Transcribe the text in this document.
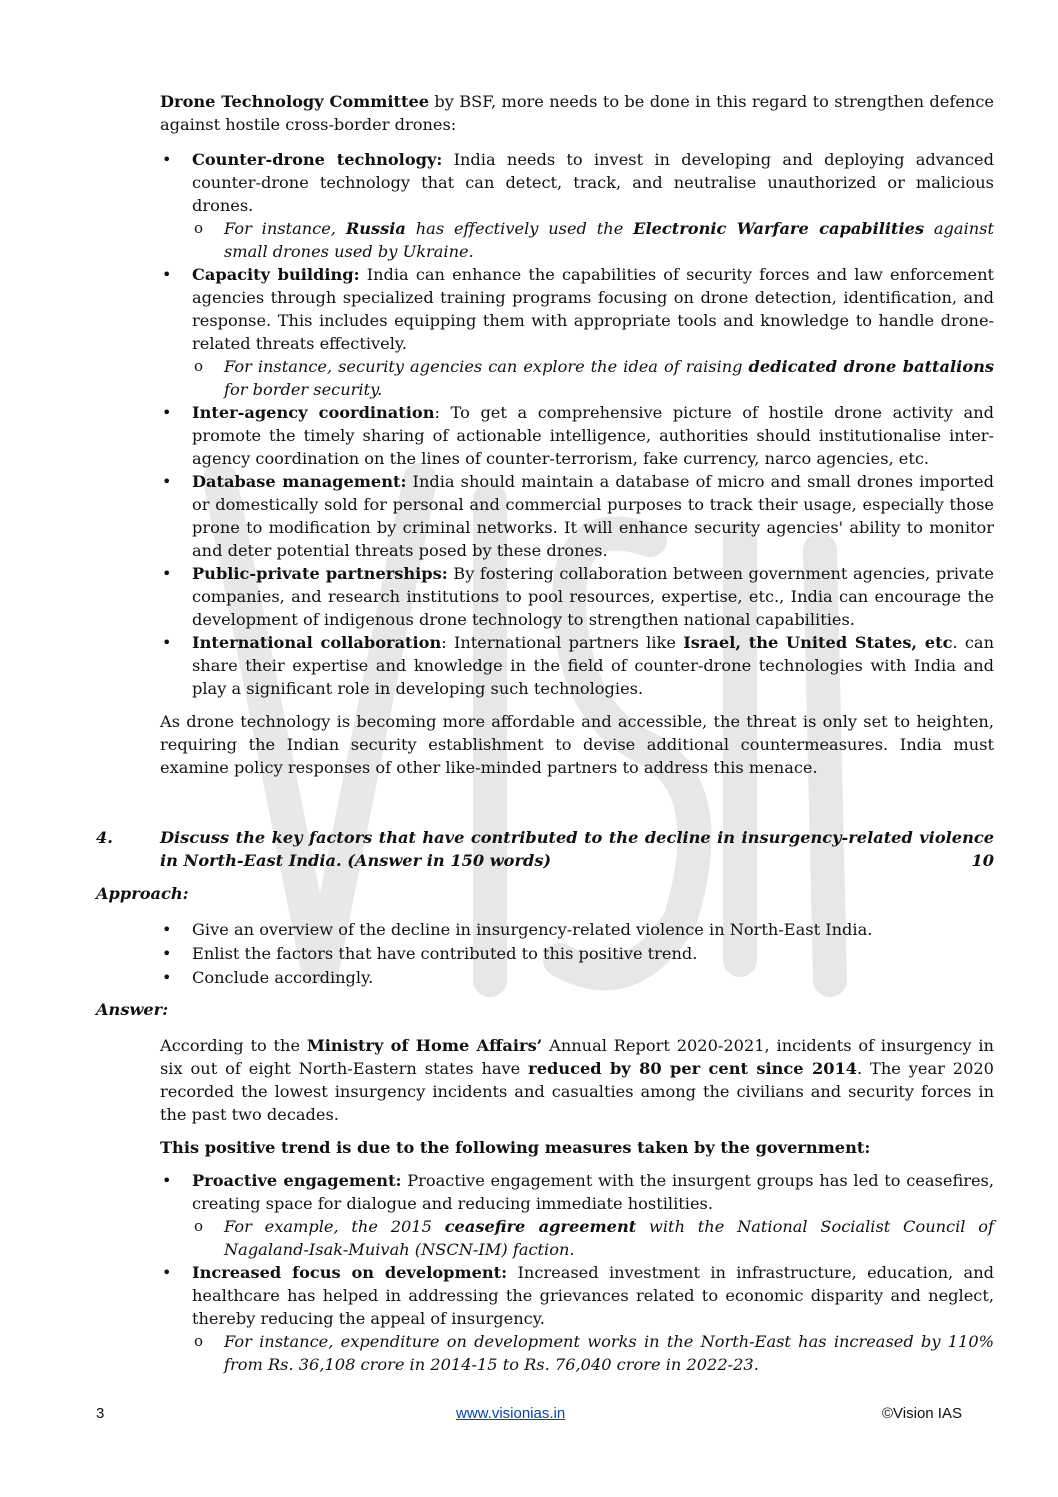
Drone Technology Committee by BSF, more needs to be done in this regard to strengthen defence against hostile cross-border drones:

• Counter-drone technology: India needs to invest in developing and deploying advanced counter-drone technology that can detect, track, and neutralise unauthorized or malicious drones.
o For instance, Russia has effectively used the Electronic Warfare capabilities against small drones used by Ukraine.
• Capacity building: India can enhance the capabilities of security forces and law enforcement agencies through specialized training programs focusing on drone detection, identification, and response. This includes equipping them with appropriate tools and knowledge to handle drone-related threats effectively.
o For instance, security agencies can explore the idea of raising dedicated drone battalions for border security.
• Inter-agency coordination: To get a comprehensive picture of hostile drone activity and promote the timely sharing of actionable intelligence, authorities should institutionalise inter-agency coordination on the lines of counter-terrorism, fake currency, narco agencies, etc.
• Database management: India should maintain a database of micro and small drones imported or domestically sold for personal and commercial purposes to track their usage, especially those prone to modification by criminal networks. It will enhance security agencies' ability to monitor and deter potential threats posed by these drones.
• Public-private partnerships: By fostering collaboration between government agencies, private companies, and research institutions to pool resources, expertise, etc., India can encourage the development of indigenous drone technology to strengthen national capabilities.
• International collaboration: International partners like Israel, the United States, etc. can share their expertise and knowledge in the field of counter-drone technologies with India and play a significant role in developing such technologies.

As drone technology is becoming more affordable and accessible, the threat is only set to heighten, requiring the Indian security establishment to devise additional countermeasures. India must examine policy responses of other like-minded partners to address this menace.

4.	Discuss the key factors that have contributed to the decline in insurgency-related violence in North-East India. (Answer in 150 words)	10
Approach:
• Give an overview of the decline in insurgency-related violence in North-East India.
• Enlist the factors that have contributed to this positive trend.
• Conclude accordingly.
Answer:

According to the Ministry of Home Affairs’ Annual Report 2020-2021, incidents of insurgency in six out of eight North-Eastern states have reduced by 80 per cent since 2014. The year 2020 recorded the lowest insurgency incidents and casualties among the civilians and security forces in the past two decades.

This positive trend is due to the following measures taken by the government:

• Proactive engagement: Proactive engagement with the insurgent groups has led to ceasefires, creating space for dialogue and reducing immediate hostilities.
o For example, the 2015 ceasefire agreement with the National Socialist Council of Nagaland-Isak-Muivah (NSCN-IM) faction.
• Increased focus on development: Increased investment in infrastructure, education, and healthcare has helped in addressing the grievances related to economic disparity and neglect, thereby reducing the appeal of insurgency.
o For instance, expenditure on development works in the North-East has increased by 110% from Rs. 36,108 crore in 2014-15 to Rs. 76,040 crore in 2022-23.
3	www.visionias.in	©Vision IAS
